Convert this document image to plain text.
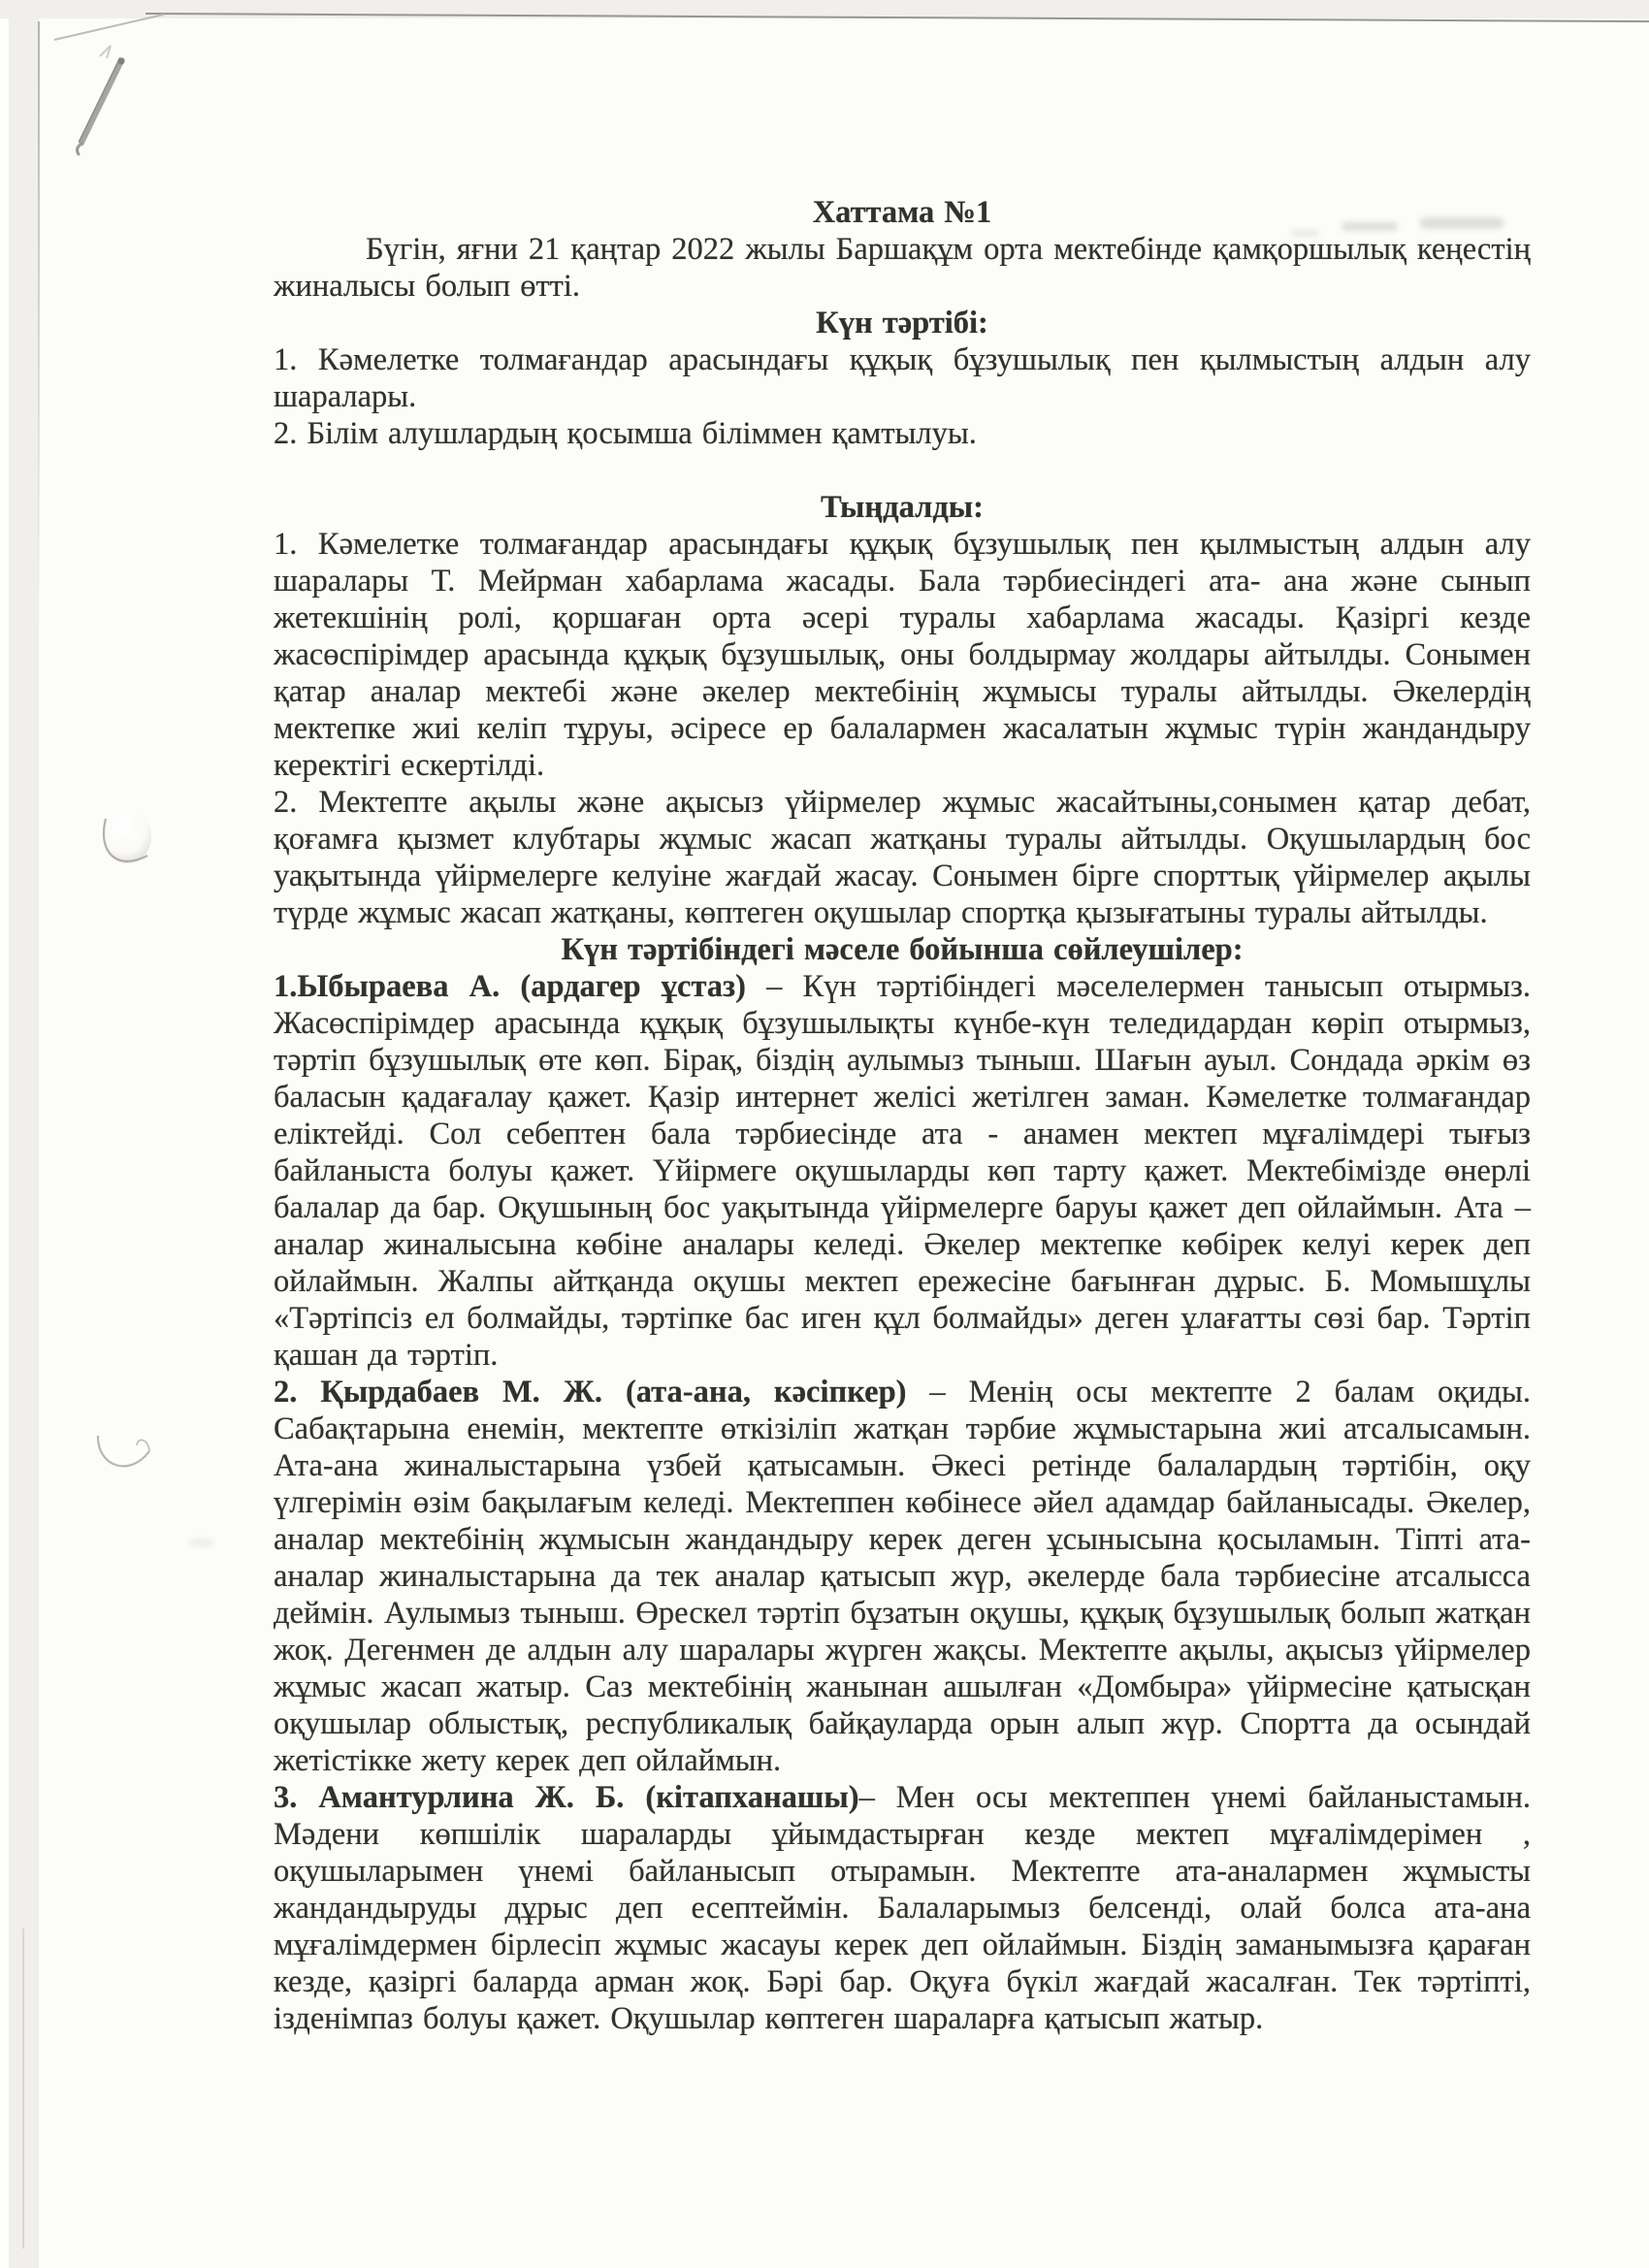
Хаттама №1

Бүгін, яғни 21 қаңтар 2022 жылы Баршақұм орта мектебінде қамқоршылық кеңестің жиналысы болып өтті.

Күн тәртібі:

1. Кәмелетке толмағандар арасындағы құқық бұзушылық пен қылмыстың алдын алу шаралары.

2. Білім алушлардың қосымша біліммен қамтылуы.

Тыңдалды:

1. Кәмелетке толмағандар арасындағы құқық бұзушылық пен қылмыстың алдын алу шаралары Т. Мейрман хабарлама жасады. Бала тәрбиесіндегі ата- ана және сынып жетекшінің ролі, қоршаған орта әсері туралы хабарлама жасады. Қазіргі кезде жасөспірімдер арасында құқық бұзушылық, оны болдырмау жолдары айтылды. Сонымен қатар аналар мектебі және әкелер мектебінің жұмысы туралы айтылды. Әкелердің мектепке жиі келіп тұруы, әсіресе ер балалармен жасалатын жұмыс түрін жандандыру керектігі ескертілді.

2. Мектепте ақылы және ақысыз үйірмелер жұмыс жасайтыны,сонымен қатар дебат, қоғамға қызмет клубтары жұмыс жасап жатқаны туралы айтылды. Оқушылардың бос уақытында үйірмелерге келуіне жағдай жасау. Сонымен бірге спорттық үйірмелер ақылы түрде жұмыс жасап жатқаны, көптеген оқушылар спортқа қызығатыны туралы айтылды.

Күн тәртібіндегі мәселе бойынша сөйлеушілер:

1.Ыбыраева А. (ардагер ұстаз) – Күн тәртібіндегі мәселелермен танысып отырмыз. Жасөспірімдер арасында құқық бұзушылықты күнбе-күн теледидардан көріп отырмыз, тәртіп бұзушылық өте көп. Бірақ, біздің аулымыз тыныш. Шағын ауыл. Сондада әркім өз баласын қадағалау қажет. Қазір интернет желісі жетілген заман. Кәмелетке толмағандар еліктейді. Сол себептен бала тәрбиесінде ата - анамен мектеп мұғалімдері тығыз байланыста болуы қажет. Үйірмеге оқушыларды көп тарту қажет. Мектебімізде өнерлі балалар да бар. Оқушының бос уақытында үйірмелерге баруы қажет деп ойлаймын. Ата – аналар жиналысына көбіне аналары келеді. Әкелер мектепке көбірек келуі керек деп ойлаймын. Жалпы айтқанда оқушы мектеп ережесіне бағынған дұрыс. Б. Момышұлы «Тәртіпсіз ел болмайды, тәртіпке бас иген құл болмайды» деген ұлағатты сөзі бар. Тәртіп қашан да тәртіп.

2. Қырдабаев М. Ж. (ата-ана, кәсіпкер) – Менің осы мектепте 2 балам оқиды. Сабақтарына енемін, мектепте өткізіліп жатқан тәрбие жұмыстарына жиі атсалысамын. Ата-ана жиналыстарына үзбей қатысамын. Әкесі ретінде балалардың тәртібін, оқу үлгерімін өзім бақылағым келеді. Мектеппен көбінесе әйел адамдар байланысады. Әкелер, аналар мектебінің жұмысын жандандыру керек деген ұсынысына қосыламын. Тіпті ата-аналар жиналыстарына да тек аналар қатысып жүр, әкелерде бала тәрбиесіне атсалысса деймін. Аулымыз тыныш. Өрескел тәртіп бұзатын оқушы, құқық бұзушылық болып жатқан жоқ. Дегенмен де алдын алу шаралары жүрген жақсы. Мектепте ақылы, ақысыз үйірмелер жұмыс жасап жатыр. Саз мектебінің жанынан ашылған «Домбыра» үйірмесіне қатысқан оқушылар облыстық, республикалық байқауларда орын алып жүр. Спортта да осындай жетістікке жету керек деп ойлаймын.

3. Амантурлина Ж. Б. (кітапханашы)– Мен осы мектеппен үнемі байланыстамын. Мәдени көпшілік шараларды ұйымдастырған кезде мектеп мұғалімдерімен , оқушыларымен үнемі байланысып отырамын. Мектепте ата-аналармен жұмысты жандандыруды дұрыс деп есептеймін. Балаларымыз белсенді, олай болса ата-ана мұғалімдермен бірлесіп жұмыс жасауы керек деп ойлаймын. Біздің заманымызға қараған кезде, қазіргі баларда арман жоқ. Бәрі бар. Оқуға бүкіл жағдай жасалған. Тек тәртіпті, ізденімпаз болуы қажет. Оқушылар көптеген шараларға қатысып жатыр.
